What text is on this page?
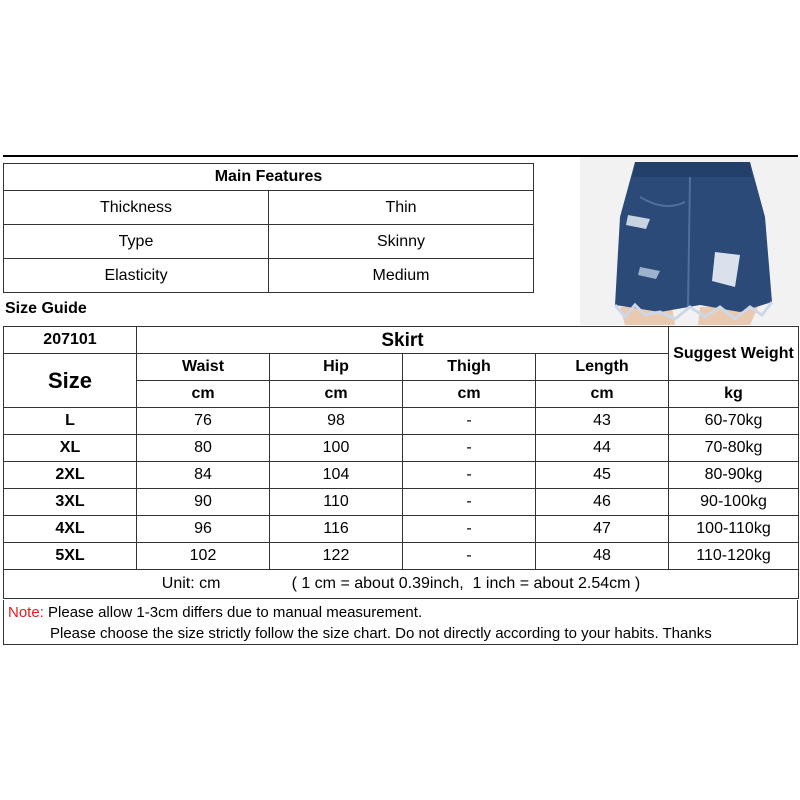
Main Features	
Thickness	Thin
Type	Skinny
Elasticity	Medium
Size Guide
207101	Skirt				Suggest Weight
Size	Waist	Hip	Thigh	Length	
	cm	cm	cm	cm	kg
L	76	98	-	43	60-70kg
XL	80	100	-	44	70-80kg
2XL	84	104	-	45	80-90kg
3XL	90	110	-	46	90-100kg
4XL	96	116	-	47	100-110kg
5XL	102	122	-	48	110-120kg
Unit: cm                ( 1 cm = about 0.39inch,  1 inch = about 2.54cm )					
Note: Please allow 1-3cm differs due to manual measurement.
Please choose the size strictly follow the size chart. Do not directly according to your habits. Thanks
